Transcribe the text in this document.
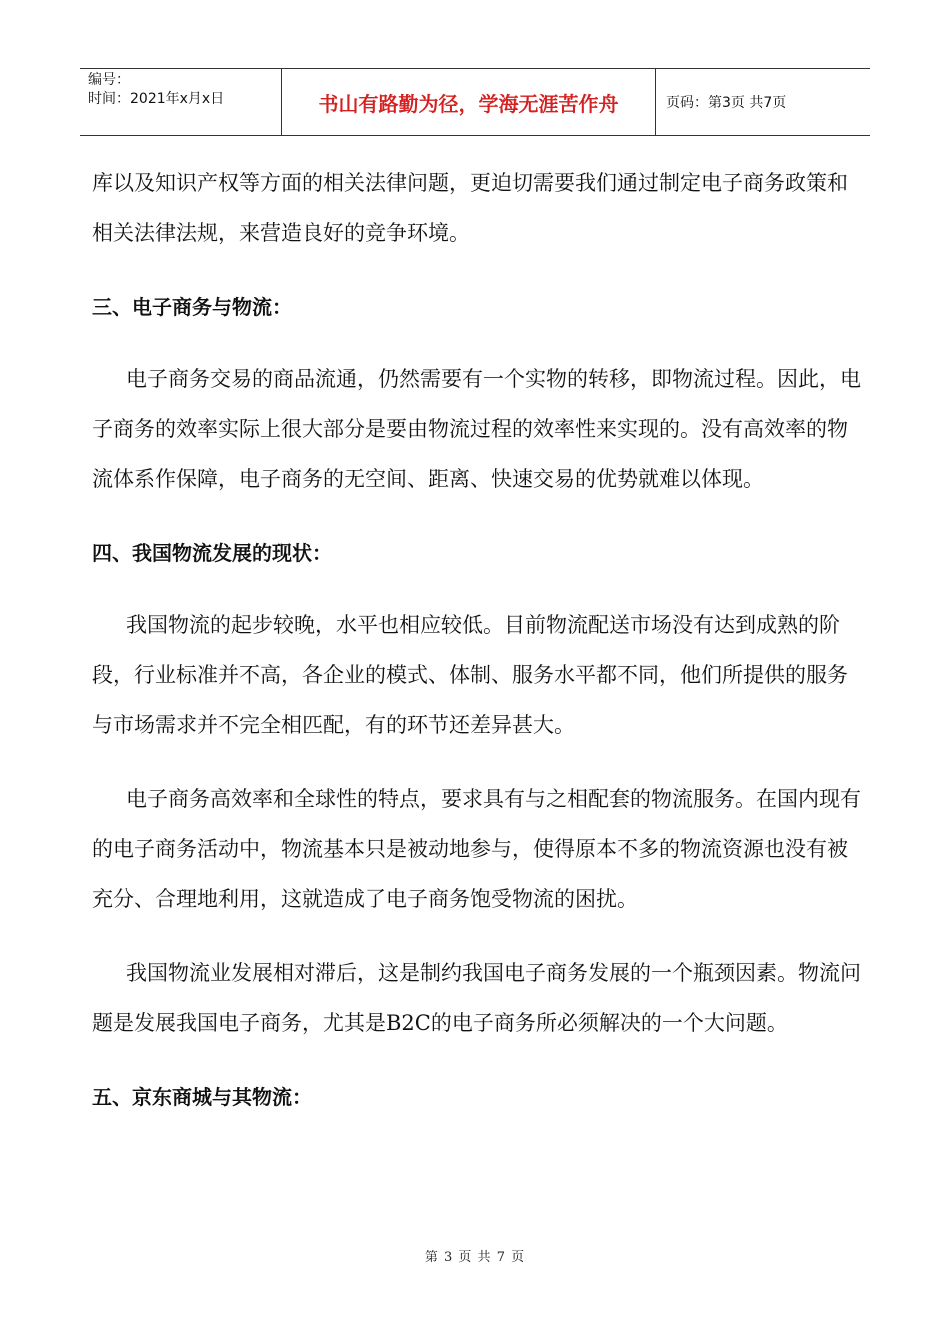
编号：
时间：2021年x月x日	书山有路勤为径，学海无涯苦作舟	页码：第3页 共7页

库以及知识产权等方面的相关法律问题，更迫切需要我们通过制定电子商务政策和相关法律法规，来营造良好的竞争环境。

三、电子商务与物流：

电子商务交易的商品流通，仍然需要有一个实物的转移，即物流过程。因此，电子商务的效率实际上很大部分是要由物流过程的效率性来实现的。没有高效率的物流体系作保障，电子商务的无空间、距离、快速交易的优势就难以体现。

四、我国物流发展的现状：

我国物流的起步较晚，水平也相应较低。目前物流配送市场没有达到成熟的阶段，行业标准并不高，各企业的模式、体制、服务水平都不同，他们所提供的服务与市场需求并不完全相匹配，有的环节还差异甚大。

电子商务高效率和全球性的特点，要求具有与之相配套的物流服务。在国内现有的电子商务活动中，物流基本只是被动地参与，使得原本不多的物流资源也没有被充分、合理地利用，这就造成了电子商务饱受物流的困扰。

我国物流业发展相对滞后，这是制约我国电子商务发展的一个瓶颈因素。物流问题是发展我国电子商务，尤其是B2C的电子商务所必须解决的一个大问题。

五、京东商城与其物流：

第 3 页 共 7 页
